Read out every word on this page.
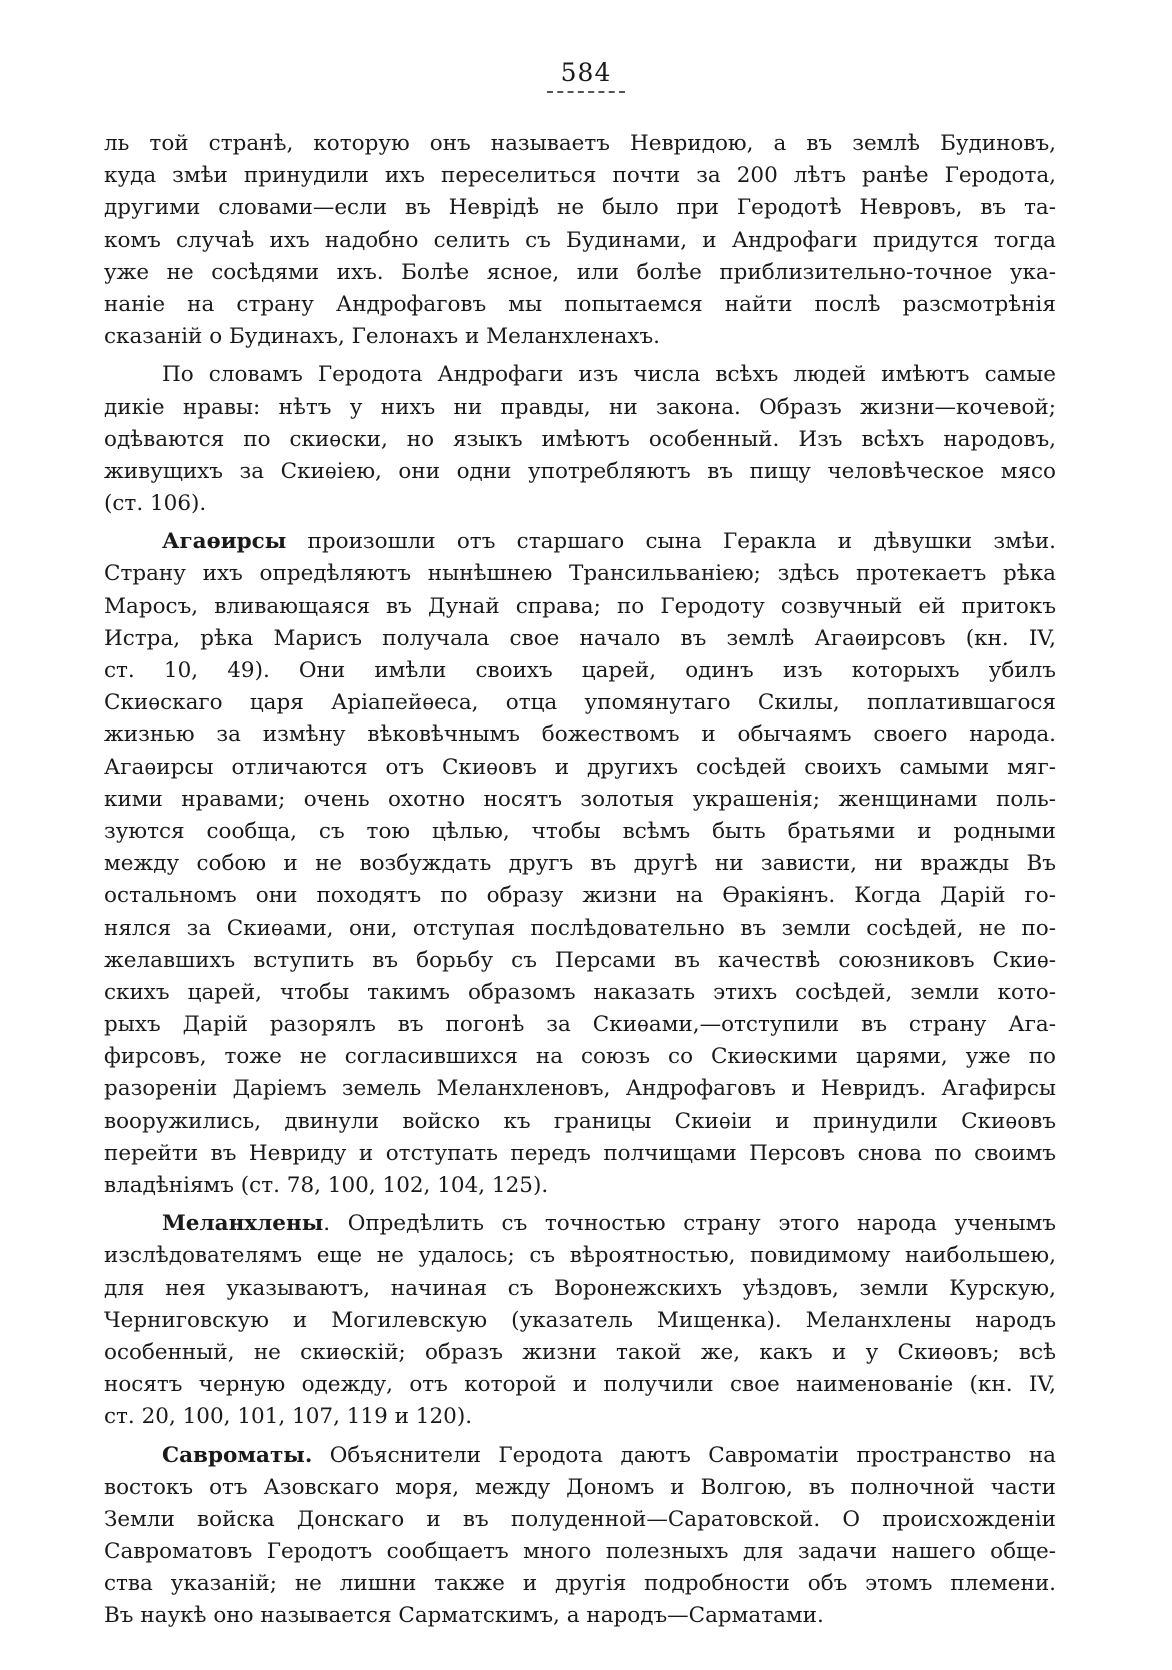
584
ль той странѣ, которую онъ называетъ Невридою, а въ землѣ Будиновъ,
куда змѣи принудили ихъ переселиться почти за 200 лѣтъ ранѣе Геродота,
другими словами—если въ Неврідѣ не было при Геродотѣ Невровъ, въ та-
комъ случаѣ ихъ надобно селить съ Будинами, и Андрофаги придутся тогда
уже не сосѣдями ихъ. Болѣе ясное, или болѣе приблизительно-точное ука-
наніе на страну Андрофаговъ мы попытаемся найти послѣ разсмотрѣнія
сказаній о Будинахъ, Гелонахъ и Меланхленахъ.
По словамъ Геродота Андрофаги изъ числа всѣхъ людей имѣютъ самые
дикіе нравы: нѣтъ у нихъ ни правды, ни закона. Образъ жизни—кочевой;
одѣваются по скиѳски, но языкъ имѣютъ особенный. Изъ всѣхъ народовъ,
живущихъ за Скиѳіею, они одни употребляютъ въ пищу человѣческое мясо
(ст. 106).
Агаѳирсы произошли отъ старшаго сына Геракла и дѣвушки змѣи.
Страну ихъ опредѣляютъ нынѣшнею Трансильваніею; здѣсь протекаетъ рѣка
Маросъ, вливающаяся въ Дунай справа; по Геродоту созвучный ей притокъ
Истра, рѣка Марисъ получала свое начало въ землѣ Агаѳирсовъ (кн. IV,
ст. 10, 49). Они имѣли своихъ царей, одинъ изъ которыхъ убилъ
Скиѳскаго царя Аріапейѳеса, отца упомянутаго Скилы, поплатившагося
жизнью за измѣну вѣковѣчнымъ божествомъ и обычаямъ своего народа.
Агаѳирсы отличаются отъ Скиѳовъ и другихъ сосѣдей своихъ самыми мяг-
кими нравами; очень охотно носятъ золотыя украшенія; женщинами поль-
зуются сообща, съ тою цѣлью, чтобы всѣмъ быть братьями и родными
между собою и не возбуждать другъ въ другѣ ни зависти, ни вражды Въ
остальномъ они походятъ по образу жизни на Ѳракіянъ. Когда Дарій го-
нялся за Скиѳами, они, отступая послѣдовательно въ земли сосѣдей, не по-
желавшихъ вступить въ борьбу съ Персами въ качествѣ союзниковъ Скиѳ-
скихъ царей, чтобы такимъ образомъ наказать этихъ сосѣдей, земли кото-
рыхъ Дарій разорялъ въ погонѣ за Скиѳами,—отступили въ страну Ага-
фирсовъ, тоже не согласившихся на союзъ со Скиѳскими царями, уже по
разореніи Даріемъ земель Меланхленовъ, Андрофаговъ и Невридъ. Агафирсы
вооружились, двинули войско къ границы Скиѳіи и принудили Скиѳовъ
перейти въ Невриду и отступать передъ полчищами Персовъ снова по своимъ
владѣніямъ (ст. 78, 100, 102, 104, 125).
Меланхлены. Опредѣлить съ точностью страну этого народа ученымъ
изслѣдователямъ еще не удалось; съ вѣроятностью, повидимому наибольшею,
для нея указываютъ, начиная съ Воронежскихъ уѣздовъ, земли Курскую,
Черниговскую и Могилевскую (указатель Мищенка). Меланхлены народъ
особенный, не скиѳскій; образъ жизни такой же, какъ и у Скиѳовъ; всѣ
носятъ черную одежду, отъ которой и получили свое наименованіе (кн. IV,
ст. 20, 100, 101, 107, 119 и 120).
Савроматы. Объяснители Геродота даютъ Савроматіи пространство на
востокъ отъ Азовскаго моря, между Дономъ и Волгою, въ полночной части
Земли войска Донскаго и въ полуденной—Саратовской. О происхожденіи
Савроматовъ Геродотъ сообщаетъ много полезныхъ для задачи нашего обще-
ства указаній; не лишни также и другія подробности объ этомъ племени.
Въ наукѣ оно называется Сарматскимъ, а народъ—Сарматами.
